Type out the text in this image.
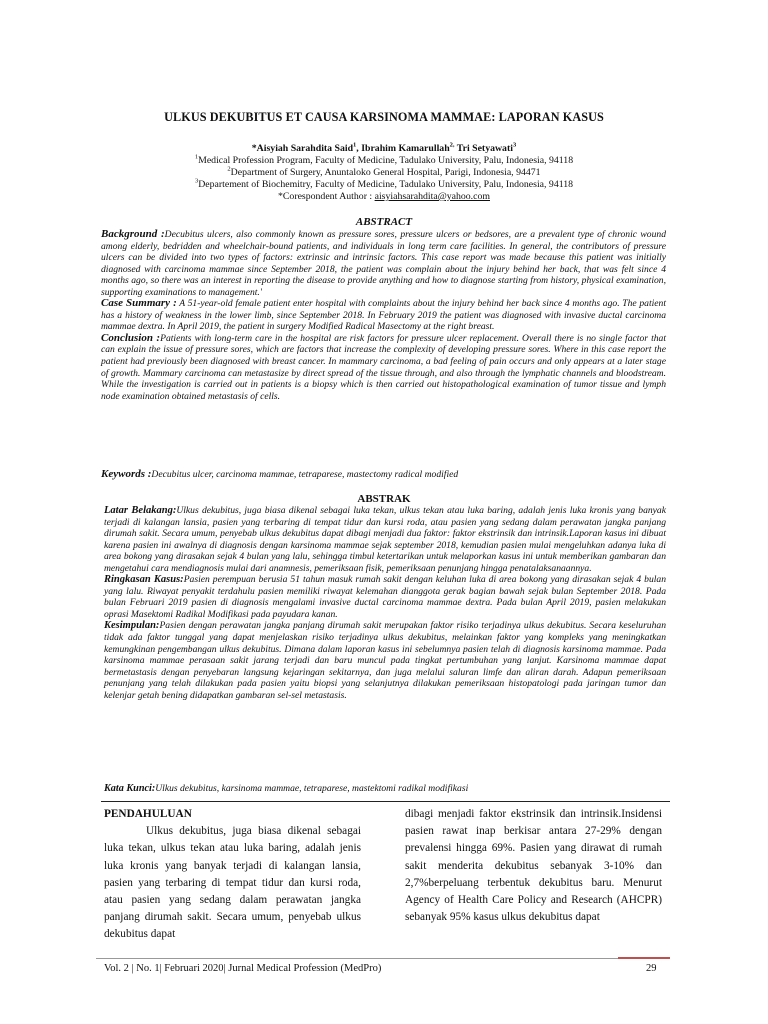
ULKUS DEKUBITUS ET CAUSA KARSINOMA MAMMAE: LAPORAN KASUS
*Aisyiah Sarahdita Said$^1$, Ibrahim Kamarullah$^{2,}$ Tri Setyawati$^3$
$^1$Medical Profession Program, Faculty of Medicine, Tadulako University, Palu, Indonesia, 94118
$^2$Department of Surgery, Anuntaloko General Hospital, Parigi, Indonesia, 94471
$^3$Departement of Biochemitry, Faculty of Medicine, Tadulako University, Palu, Indonesia, 94118
*Corespondent Author : aisyiahsarahdita@yahoo.com
ABSTRACT

Background :Decubitus ulcers, also commonly known as pressure sores, pressure ulcers or bedsores, are a prevalent type of chronic wound among elderly, bedridden and wheelchair-bound patients, and individuals in long term care facilities. In general, the contributors of pressure ulcers can be divided into two types of factors: extrinsic and intrinsic factors. This case report was made because this patient was initially diagnosed with carcinoma mammae since September 2018, the patient was complain about the injury behind her back, that was felt since 4 months ago, so there was an interest in reporting the disease to provide anything and how to diagnose starting from history, physical examination, supporting examinations to management.'

Case Summary : A 51-year-old female patient enter hospital with complaints about the injury behind her back since 4 months ago. The patient has a history of weakness in the lower limb, since September 2018. In February 2019 the patient was diagnosed with invasive ductal carcinoma mammae dextra. In April 2019, the patient in surgery Modified Radical Masectomy at the right breast.

Conclusion :Patients with long-term care in the hospital are risk factors for pressure ulcer replacement. Overall there is no single factor that can explain the issue of pressure sores, which are factors that increase the complexity of developing pressure sores. Where in this case report the patient had previously been diagnosed with breast cancer. In mammary carcinoma, a bad feeling of pain occurs and only appears at a later stage of growth. Mammary carcinoma can metastasize by direct spread of the tissue through, and also through the lymphatic channels and bloodstream. While the investigation is carried out in patients is a biopsy which is then carried out histopathological examination of tumor tissue and lymph node examination obtained metastasis of cells.

Keywords :Decubitus ulcer, carcinoma mammae, tetraparese, mastectomy radical modified
ABSTRAK

Latar Belakang:Ulkus dekubitus, juga biasa dikenal sebagai luka tekan, ulkus tekan atau luka baring, adalah jenis luka kronis yang banyak terjadi di kalangan lansia, pasien yang terbaring di tempat tidur dan kursi roda, atau pasien yang sedang dalam perawatan jangka panjang dirumah sakit. Secara umum, penyebab ulkus dekubitus dapat dibagi menjadi dua faktor: faktor ekstrinsik dan intrinsik.Laporan kasus ini dibuat karena pasien ini awalnya di diagnosis dengan karsinoma mammae sejak september 2018, kemudian pasien mulai mengeluhkan adanya luka di area bokong yang dirasakan sejak 4 bulan yang lalu, sehingga timbul ketertarikan untuk melaporkan kasus ini untuk memberikan gambaran dan mengetahui cara mendiagnosis mulai dari anamnesis, pemeriksaan fisik, pemeriksaan penunjang hingga penatalaksanaannya.

Ringkasan Kasus:Pasien perempuan berusia 51 tahun masuk rumah sakit dengan keluhan luka di area bokong yang dirasakan sejak 4 bulan yang lalu. Riwayat penyakit terdahulu pasien memiliki riwayat kelemahan dianggota gerak bagian bawah sejak bulan September 2018. Pada bulan Februari 2019 pasien di diagnosis mengalami invasive ductal carcinoma mammae dextra. Pada bulan April 2019, pasien melakukan oprasi Masektomi Radikal Modifikasi pada payudara kanan.

Kesimpulan:Pasien dengan perawatan jangka panjang dirumah sakit merupakan faktor risiko terjadinya ulkus dekubitus. Secara keseluruhan tidak ada faktor tunggal yang dapat menjelaskan risiko terjadinya ulkus dekubitus, melainkan faktor yang kompleks yang meningkatkan kemungkinan pengembangan ulkus dekubitus. Dimana dalam laporan kasus ini sebelumnya pasien telah di diagnosis karsinoma mammae. Pada karsinoma mammae perasaan sakit jarang terjadi dan baru muncul pada tingkat pertumbuhan yang lanjut. Karsinoma mammae dapat bermetastasis dengan penyebaran langsung kejaringan sekitarnya, dan juga melalui saluran limfe dan aliran darah. Adapun pemeriksaan penunjang yang telah dilakukan pada pasien yaitu biopsi yang selanjutnya dilakukan pemeriksaan histopatologi pada jaringan tumor dan kelenjar getah bening didapatkan gambaran sel-sel metastasis.

Kata Kunci:Ulkus dekubitus, karsinoma mammae, tetraparese, mastektomi radikal modifikasi
PENDAHULUAN

Ulkus dekubitus, juga biasa dikenal sebagai luka tekan, ulkus tekan atau luka baring, adalah jenis luka kronis yang banyak terjadi di kalangan lansia, pasien yang terbaring di tempat tidur dan kursi roda, atau pasien yang sedang dalam perawatan jangka panjang dirumah sakit. Secara umum, penyebab ulkus dekubitus dapat

dibagi menjadi faktor ekstrinsik dan intrinsik.Insidensi pasien rawat inap berkisar antara 27-29% dengan prevalensi hingga 69%. Pasien yang dirawat di rumah sakit menderita dekubitus sebanyak 3-10% dan 2,7%berpeluang terbentuk dekubitus baru. Menurut Agency of Health Care Policy and Research (AHCPR) sebanyak 95% kasus ulkus dekubitus dapat

Vol. 2 | No. 1| Februari 2020| Jurnal Medical Profession (MedPro)	29
